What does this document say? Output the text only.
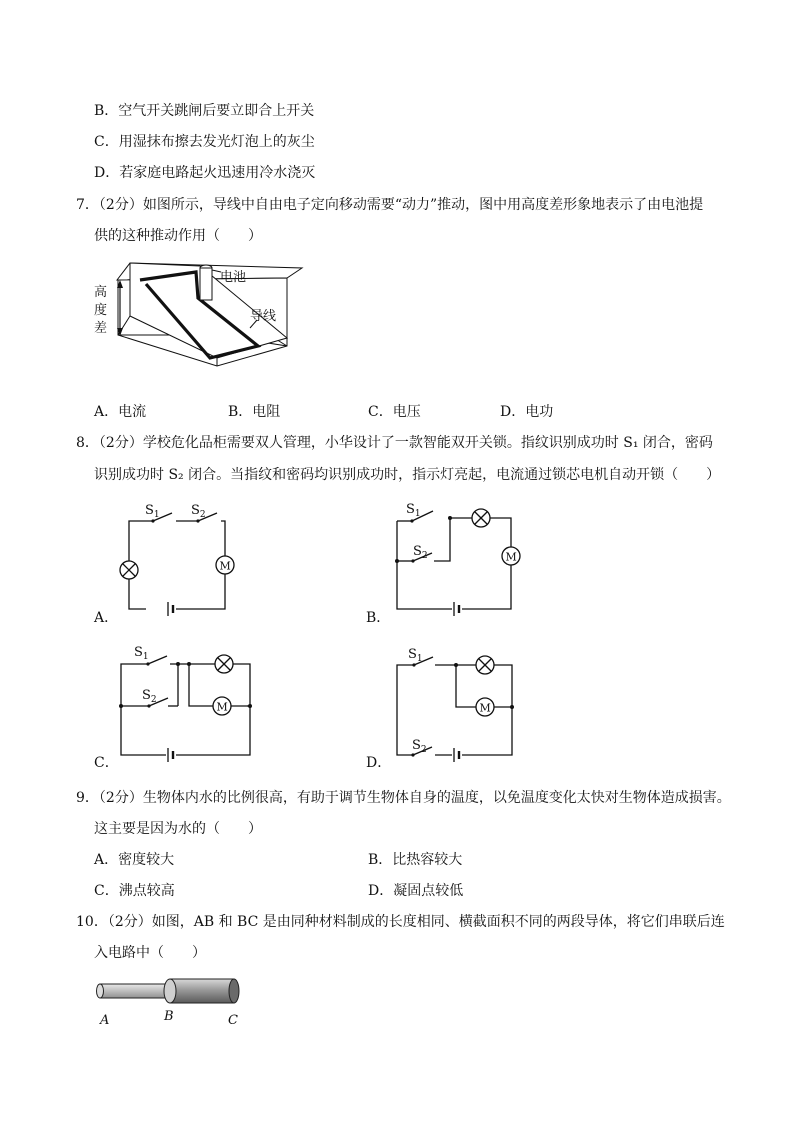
B．空气开关跳闸后要立即合上开关
C．用湿抹布擦去发光灯泡上的灰尘
D．若家庭电路起火迅速用冷水浇灭
7．（2分）如图所示，导线中自由电子定向移动需要“动力”推动，图中用高度差形象地表示了由电池提
供的这种推动作用（　　）
电池
导线
高
度
差
A．电流	B．电阻	C．电压	D．电功
8．（2分）学校危化品柜需要双人管理，小华设计了一款智能双开关锁。指纹识别成功时 S₁ 闭合，密码
识别成功时 S₂ 闭合。当指纹和密码均识别成功时，指示灯亮起，电流通过锁芯电机自动开锁（　　）
$S_1$ $S_2$
M
A．
$S_1$
$S_2$	M
B．
$S_1$
$S_2$
M
C．
$S_1$
$S_2$
M
D．
9．（2分）生物体内水的比例很高，有助于调节生物体自身的温度，以免温度变化太快对生物体造成损害。
这主要是因为水的（　　）
A．密度较大	B．比热容较大
C．沸点较高	D．凝固点较低
10．（2分）如图，AB 和 BC 是由同种材料制成的长度相同、横截面积不同的两段导体，将它们串联后连
入电路中（　　）
A	B	C
